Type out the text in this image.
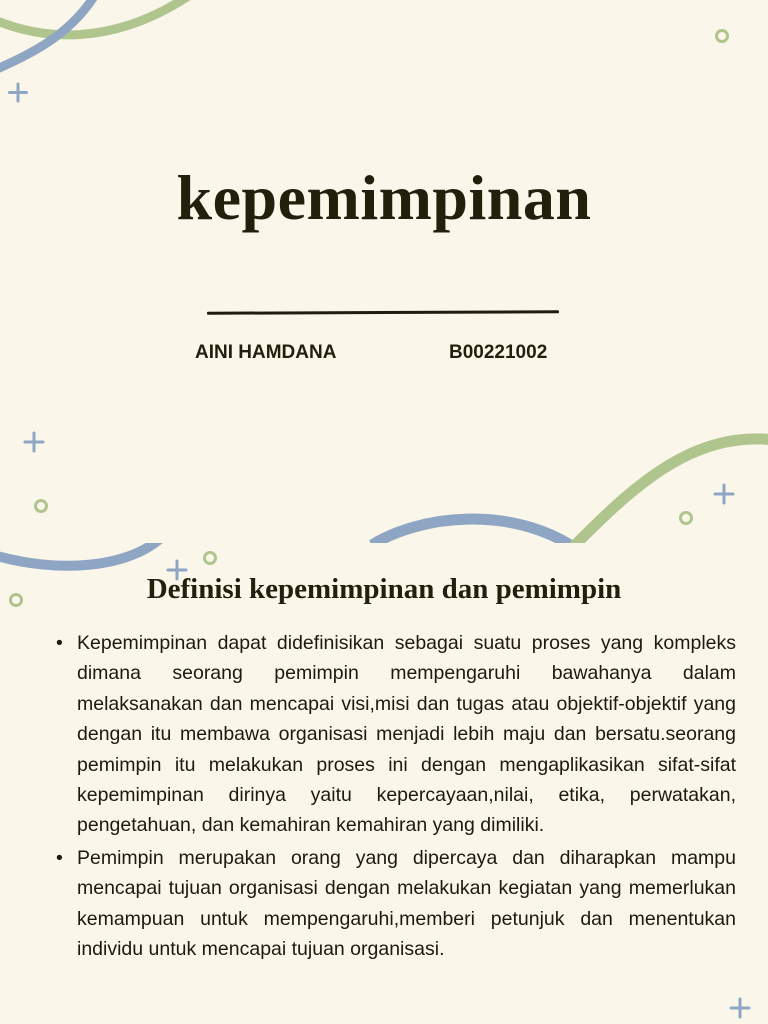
kepemimpinan
AINI HAMDANA	B00221002
Definisi kepemimpinan dan pemimpin
• Kepemimpinan dapat didefinisikan sebagai suatu proses yang kompleks dimana seorang pemimpin mempengaruhi bawahanya dalam melaksanakan dan mencapai visi,misi dan tugas atau objektif-objektif yang dengan itu membawa organisasi menjadi lebih maju dan bersatu.seorang pemimpin itu melakukan proses ini dengan mengaplikasikan sifat-sifat kepemimpinan dirinya yaitu kepercayaan,nilai, etika, perwatakan, pengetahuan, dan kemahiran kemahiran yang dimiliki.
• Pemimpin merupakan orang yang dipercaya dan diharapkan mampu mencapai tujuan organisasi dengan melakukan kegiatan yang memerlukan kemampuan untuk mempengaruhi,memberi petunjuk dan menentukan individu untuk mencapai tujuan organisasi.
